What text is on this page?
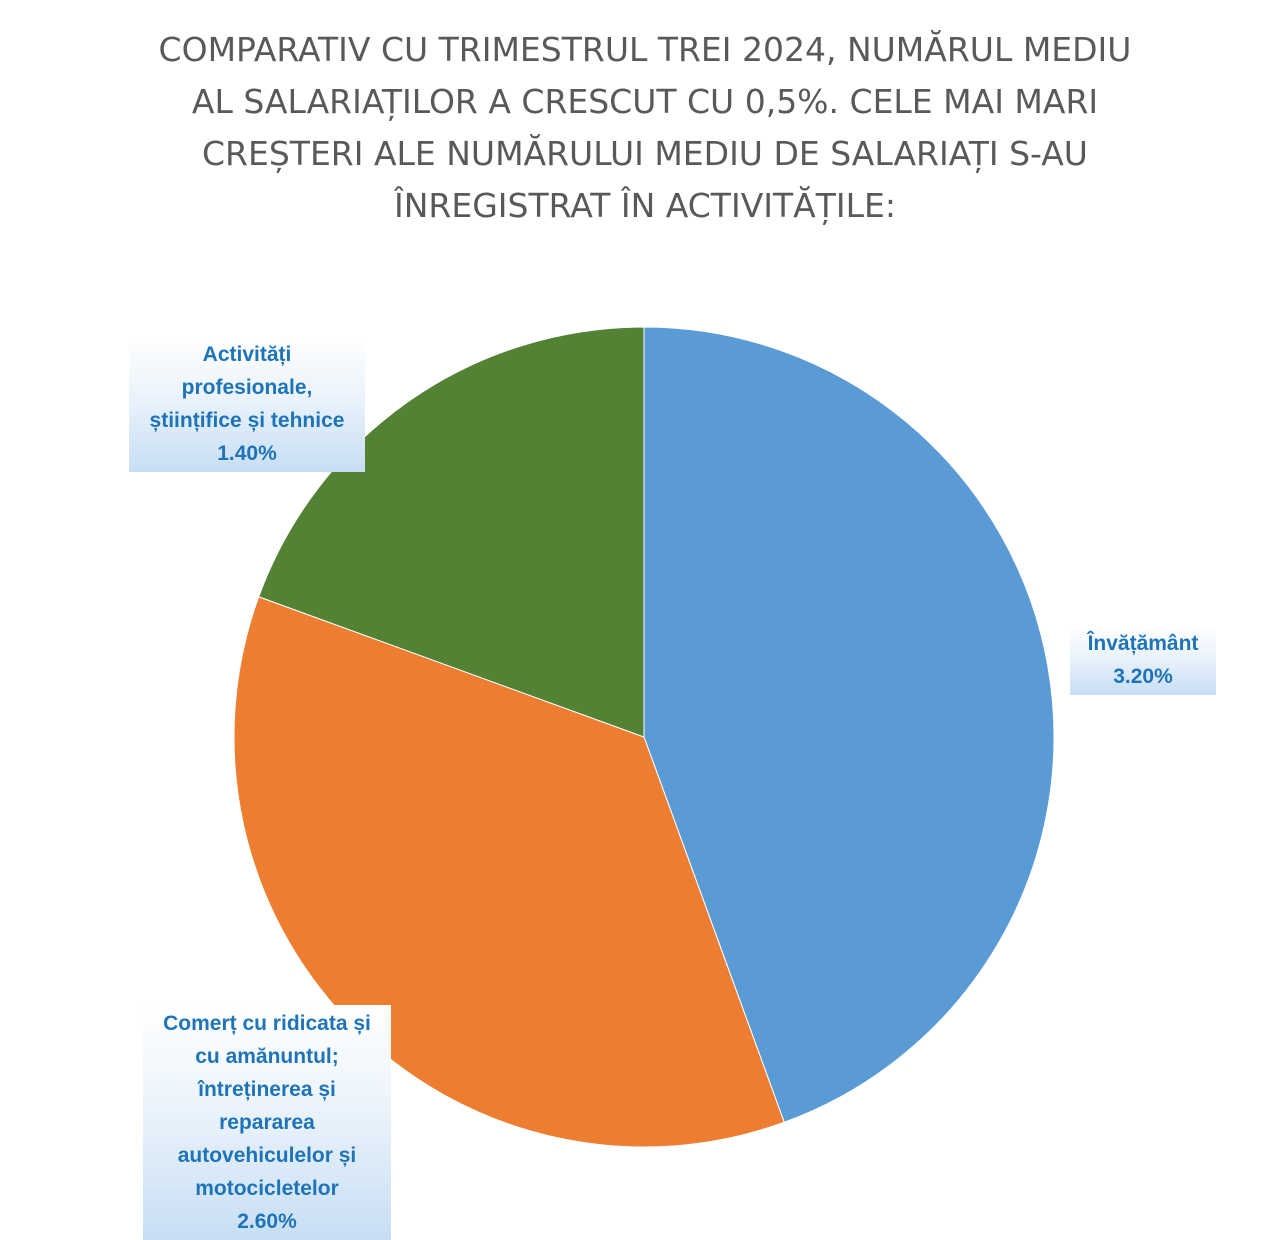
COMPARATIV CU TRIMESTRUL TREI 2024, NUMĂRUL MEDIU AL SALARIAȚILOR A CRESCUT CU 0,5%. CELE MAI MARI CREȘTERI ALE NUMĂRULUI MEDIU DE SALARIAȚI S-AU ÎNREGISTRAT ÎN ACTIVITĂȚILE:
Învățământ
3.20%
Comerț cu ridicata și cu amănuntul; întreținerea și repararea autovehiculelor și motocicletelor
2.60%
Activități profesionale, științifice și tehnice
1.40%
